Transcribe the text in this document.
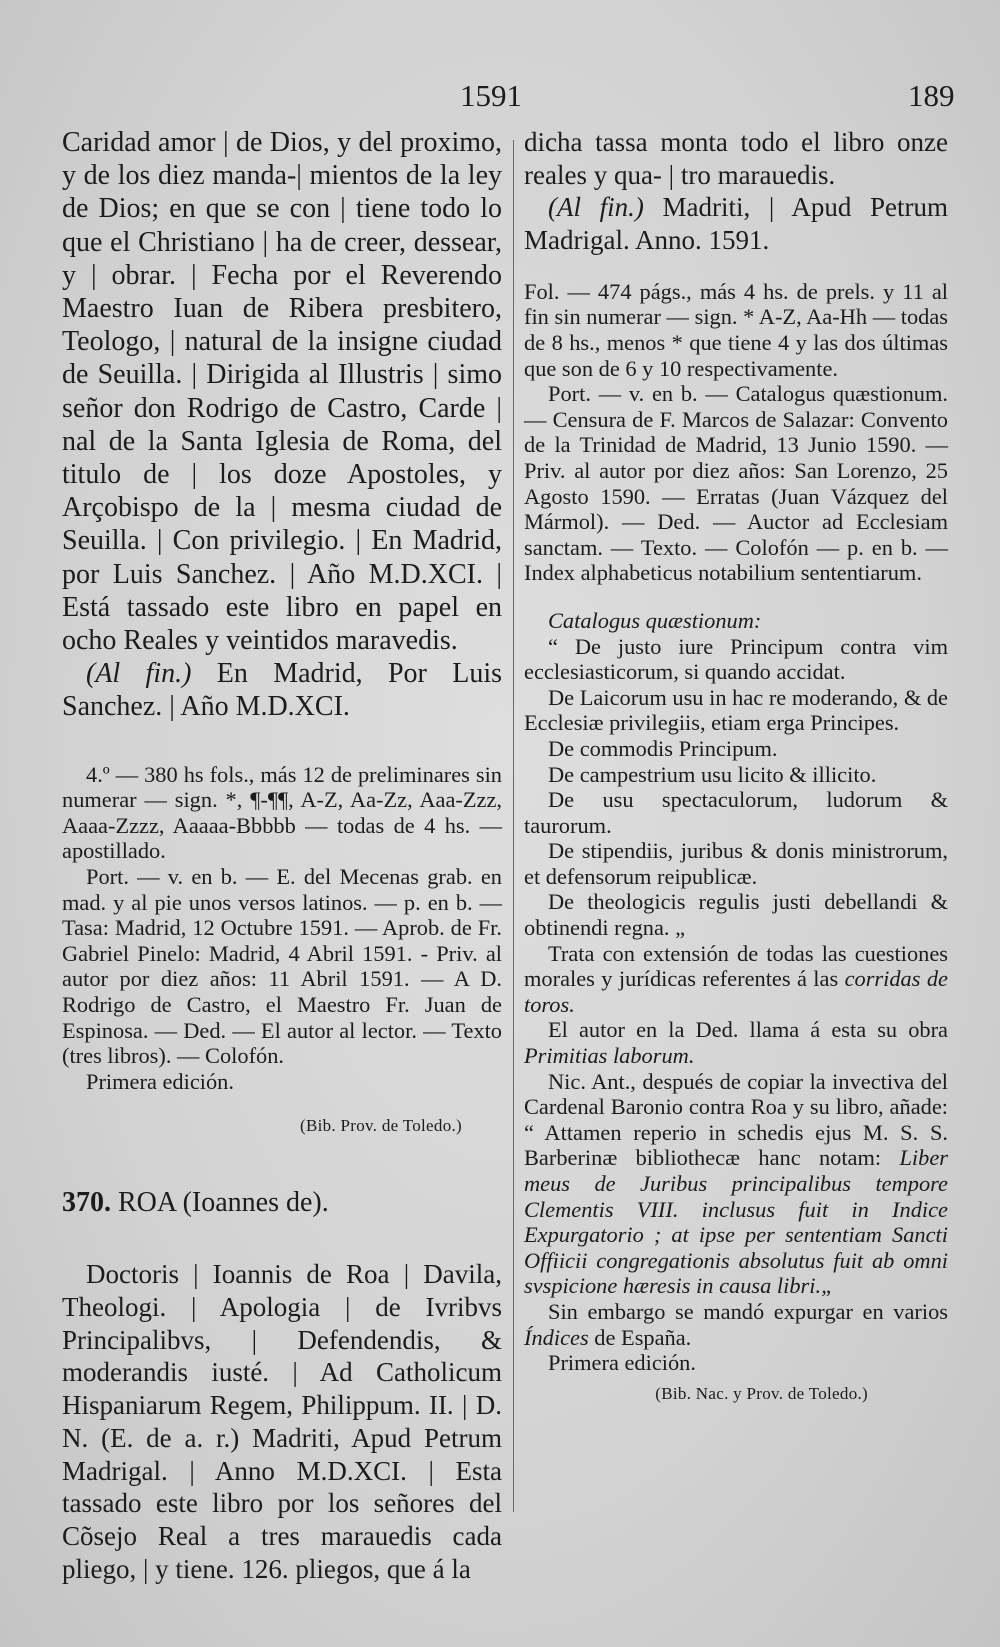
1591	189

Caridad amor | de Dios, y del proximo, y de los diez manda-| mientos de la ley de Dios; en que se con | tiene todo lo que el Christiano | ha de creer, dessear, y | obrar. | Fecha por el Reverendo Maestro Iuan de Ribera presbitero, Teologo, | natural de la insigne ciudad de Seuilla. | Dirigida al Illustris | simo señor don Rodrigo de Castro, Carde | nal de la Santa Iglesia de Roma, del titulo de | los doze Apostoles, y Arçobispo de la | mesma ciudad de Seuilla. | Con privilegio. | En Madrid, por Luis Sanchez. | Año M.D.XCI. | Está tassado este libro en papel en ocho Reales y veintidos maravedis.

(Al fin.) En Madrid, Por Luis Sanchez. | Año M.D.XCI.

4.º — 380 hs fols., más 12 de preliminares sin numerar — sign. *, ¶-¶¶, A-Z, Aa-Zz, Aaa-Zzz, Aaaa-Zzzz, Aaaaa-Bbbbb — todas de 4 hs. — apostillado.

Port. — v. en b. — E. del Mecenas grab. en mad. y al pie unos versos latinos. — p. en b. — Tasa: Madrid, 12 Octubre 1591. — Aprob. de Fr. Gabriel Pinelo: Madrid, 4 Abril 1591. - Priv. al autor por diez años: 11 Abril 1591. — A D. Rodrigo de Castro, el Maestro Fr. Juan de Espinosa. — Ded. — El autor al lector. — Texto (tres libros). — Colofón.

Primera edición.

(Bib. Prov. de Toledo.)

370. ROA (Ioannes de).

Doctoris | Ioannis de Roa | Davila, Theologi. | Apologia | de Ivribvs Principalibvs, | Defendendis, & moderandis iusté. | Ad Catholicum Hispaniarum Regem, Philippum. II. | D. N. (E. de a. r.) Madriti, Apud Petrum Madrigal. | Anno M.D.XCI. | Esta tassado este libro por los señores del Cõsejo Real a tres marauedis cada pliego, | y tiene. 126. pliegos, que á la

dicha tassa monta todo el libro onze reales y qua- | tro marauedis.

(Al fin.) Madriti, | Apud Petrum Madrigal. Anno. 1591.

Fol. — 474 págs., más 4 hs. de prels. y 11 al fin sin numerar — sign. * A-Z, Aa-Hh — todas de 8 hs., menos * que tiene 4 y las dos últimas que son de 6 y 10 respectivamente.

Port. — v. en b. — Catalogus quæstionum. — Censura de F. Marcos de Salazar: Convento de la Trinidad de Madrid, 13 Junio 1590. — Priv. al autor por diez años: San Lorenzo, 25 Agosto 1590. — Erratas (Juan Vázquez del Mármol). — Ded. — Auctor ad Ecclesiam sanctam. — Texto. — Colofón — p. en b. — Index alphabeticus notabilium sententiarum.

Catalogus quæstionum:

“ De justo iure Principum contra vim ecclesiasticorum, si quando accidat.

De Laicorum usu in hac re moderando, & de Ecclesiæ privilegiis, etiam erga Principes.

De commodis Principum.

De campestrium usu licito & illicito.

De usu spectaculorum, ludorum & taurorum.

De stipendiis, juribus & donis ministrorum, et defensorum reipublicæ.

De theologicis regulis justi debellandi & obtinendi regna. „

Trata con extensión de todas las cuestiones morales y jurídicas referentes á las corridas de toros.

El autor en la Ded. llama á esta su obra Primitias laborum.

Nic. Ant., después de copiar la invectiva del Cardenal Baronio contra Roa y su libro, añade: “ Attamen reperio in schedis ejus M. S. S. Barberinæ bibliothecæ hanc notam: Liber meus de Juribus principalibus tempore Clementis VIII. inclusus fuit in Indice Expurgatorio ; at ipse per sententiam Sancti Offiicii congregationis absolutus fuit ab omni svspicione hæresis in causa libri.„

Sin embargo se mandó expurgar en varios Índices de España.

Primera edición.

(Bib. Nac. y Prov. de Toledo.)
